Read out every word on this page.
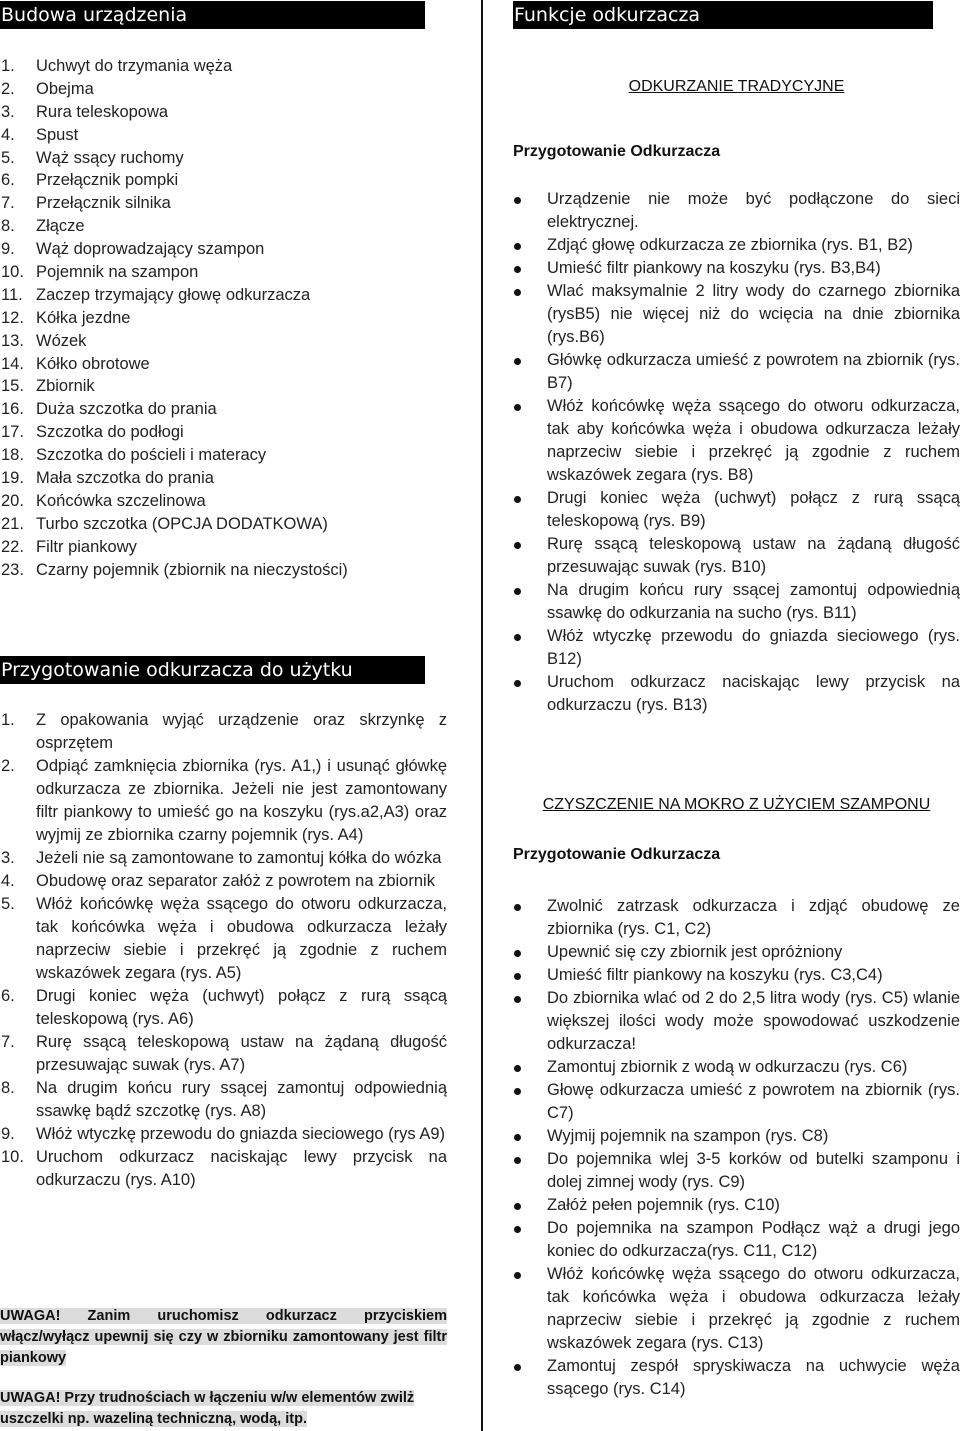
Budowa urządzenia
1. Uchwyt do trzymania węża
2. Obejma
3. Rura teleskopowa
4. Spust
5. Wąż ssący ruchomy
6. Przełącznik pompki
7. Przełącznik silnika
8. Złącze
9. Wąż doprowadzający szampon
10. Pojemnik na szampon
11. Zaczep trzymający głowę odkurzacza
12. Kółka jezdne
13. Wózek
14. Kółko obrotowe
15. Zbiornik
16. Duża szczotka do prania
17. Szczotka do podłogi
18. Szczotka do pościeli i materacy
19. Mała szczotka do prania
20. Końcówka szczelinowa
21. Turbo szczotka (OPCJA DODATKOWA)
22. Filtr piankowy
23. Czarny pojemnik (zbiornik na nieczystości)
Przygotowanie odkurzacza do użytku
1. Z opakowania wyjąć urządzenie oraz skrzynkę z osprzętem
2. Odpiąć zamknięcia zbiornika (rys. A1,) i usunąć główkę odkurzacza ze zbiornika. Jeżeli nie jest zamontowany filtr piankowy to umieść go na koszyku (rys.a2,A3) oraz wyjmij ze zbiornika czarny pojemnik (rys. A4)
3. Jeżeli nie są zamontowane to zamontuj kółka do wózka
4. Obudowę oraz separator załóż z powrotem na zbiornik
5. Włóż końcówkę węża ssącego do otworu odkurzacza, tak końcówka węża i obudowa odkurzacza leżały naprzeciw siebie i przekręć ją zgodnie z ruchem wskazówek zegara (rys. A5)
6. Drugi koniec węża (uchwyt) połącz z rurą ssącą teleskopową (rys. A6)
7. Rurę ssącą teleskopową ustaw na żądaną długość przesuwając suwak (rys. A7)
8. Na drugim końcu rury ssącej zamontuj odpowiednią ssawkę bądź szczotkę (rys. A8)
9. Włóż wtyczkę przewodu do gniazda sieciowego (rys A9)
10. Uruchom odkurzacz naciskając lewy przycisk na odkurzaczu (rys. A10)
UWAGA! Zanim uruchomisz odkurzacz przyciskiem włącz/wyłącz upewnij się czy w zbiorniku zamontowany jest filtr piankowy
UWAGA! Przy trudnościach w łączeniu w/w elementów zwilż uszczelki np. wazeliną techniczną, wodą, itp.
Funkcje odkurzacza
ODKURZANIE TRADYCYJNE
Przygotowanie Odkurzacza
Urządzenie nie może być podłączone do sieci elektrycznej.
Zdjąć głowę odkurzacza ze zbiornika (rys. B1, B2)
Umieść filtr piankowy na koszyku (rys. B3,B4)
Wlać maksymalnie 2 litry wody do czarnego zbiornika (rysB5) nie więcej niż do wcięcia na dnie zbiornika (rys.B6)
Główkę odkurzacza umieść z powrotem na zbiornik (rys. B7)
Włóż końcówkę węża ssącego do otworu odkurzacza, tak aby końcówka węża i obudowa odkurzacza leżały naprzeciw siebie i przekręć ją zgodnie z ruchem wskazówek zegara (rys. B8)
Drugi koniec węża (uchwyt) połącz z rurą ssącą teleskopową (rys. B9)
Rurę ssącą teleskopową ustaw na żądaną długość przesuwając suwak (rys. B10)
Na drugim końcu rury ssącej zamontuj odpowiednią ssawkę do odkurzania na sucho (rys. B11)
Włóż wtyczkę przewodu do gniazda sieciowego (rys. B12)
Uruchom odkurzacz naciskając lewy przycisk na odkurzaczu (rys. B13)
CZYSZCZENIE NA MOKRO Z UŻYCIEM SZAMPONU
Przygotowanie Odkurzacza
Zwolnić zatrzask odkurzacza i zdjąć obudowę ze zbiornika (rys. C1, C2)
Upewnić się czy zbiornik jest opróżniony
Umieść filtr piankowy na koszyku (rys. C3,C4)
Do zbiornika wlać od 2 do 2,5 litra wody (rys. C5) wlanie większej ilości wody może spowodować uszkodzenie odkurzacza!
Zamontuj zbiornik z wodą w odkurzaczu (rys. C6)
Głowę odkurzacza umieść z powrotem na zbiornik (rys. C7)
Wyjmij pojemnik na szampon (rys. C8)
Do pojemnika wlej 3-5 korków od butelki szamponu i dolej zimnej wody (rys. C9)
Załóż pełen pojemnik (rys. C10)
Do pojemnika na szampon Podłącz wąż a drugi jego koniec do odkurzacza(rys. C11, C12)
Włóż końcówkę węża ssącego do otworu odkurzacza, tak końcówka węża i obudowa odkurzacza leżały naprzeciw siebie i przekręć ją zgodnie z ruchem wskazówek zegara (rys. C13)
Zamontuj zespół spryskiwacza na uchwycie węża ssącego (rys. C14)
